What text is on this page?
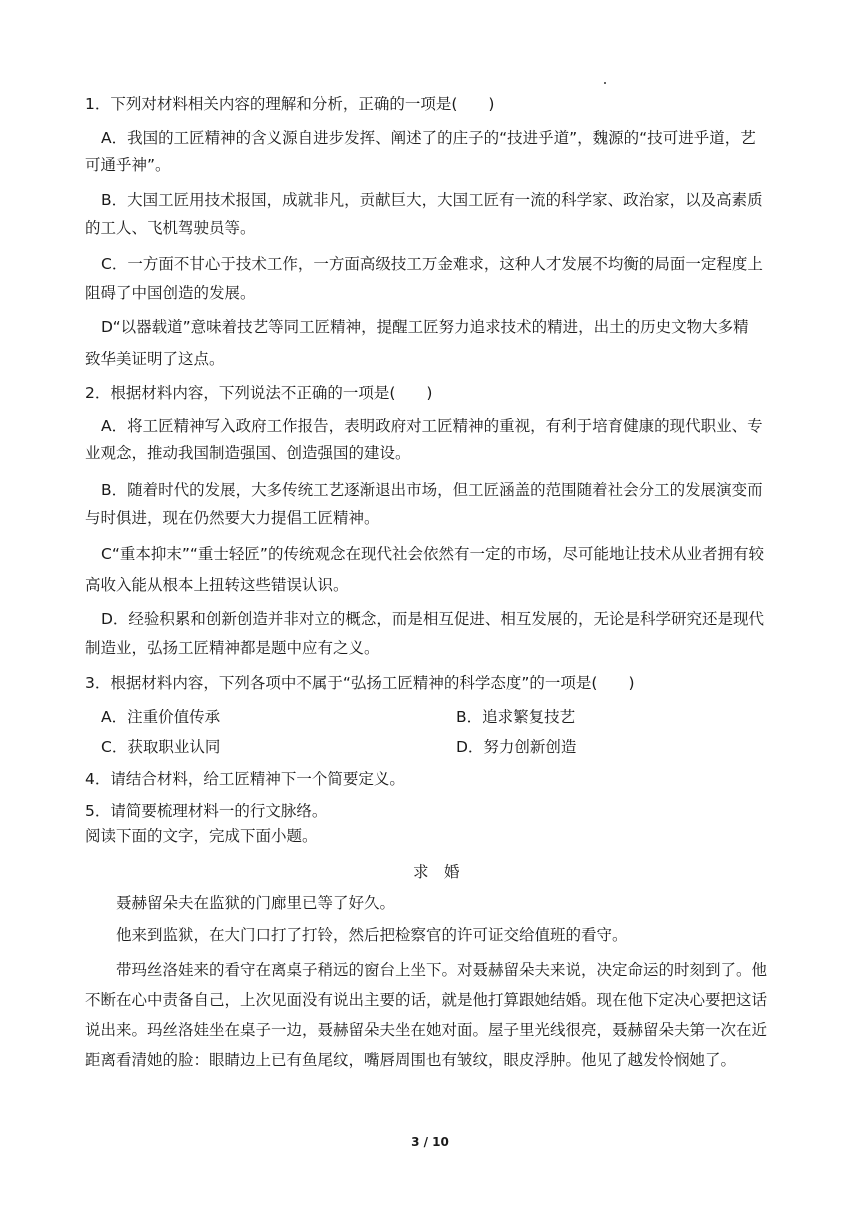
1．下列对材料相关内容的理解和分析，正确的一项是(　　)
A．我国的工匠精神的含义源自进步发挥、阐述了的庄子的“技进乎道”，魏源的“技可进乎道，艺
可通乎神”。
B．大国工匠用技术报国，成就非凡，贡献巨大，大国工匠有一流的科学家、政治家，以及高素质
的工人、飞机驾驶员等。
C．一方面不甘心于技术工作，一方面高级技工万金难求，这种人才发展不均衡的局面一定程度上
阻碍了中国创造的发展。
D“以器载道”意味着技艺等同工匠精神，提醒工匠努力追求技术的精进，出土的历史文物大多精
致华美证明了这点。
2．根据材料内容，下列说法不正确的一项是(　　)
A．将工匠精神写入政府工作报告，表明政府对工匠精神的重视，有利于培育健康的现代职业、专
业观念，推动我国制造强国、创造强国的建设。
B．随着时代的发展，大多传统工艺逐渐退出市场，但工匠涵盖的范围随着社会分工的发展演变而
与时俱进，现在仍然要大力提倡工匠精神。
C“重本抑末”“重士轻匠”的传统观念在现代社会依然有一定的市场，尽可能地让技术从业者拥有较
高收入能从根本上扭转这些错误认识。
D．经验积累和创新创造并非对立的概念，而是相互促进、相互发展的，无论是科学研究还是现代
制造业，弘扬工匠精神都是题中应有之义。
3．根据材料内容，下列各项中不属于“弘扬工匠精神的科学态度”的一项是(　　)
A．注重价值传承	B．追求繁复技艺
C．获取职业认同	D．努力创新创造
4．请结合材料，给工匠精神下一个简要定义。
5．请简要梳理材料一的行文脉络。
阅读下面的文字，完成下面小题。
求　婚
聂赫留朵夫在监狱的门廊里已等了好久。
他来到监狱，在大门口打了打铃，然后把检察官的许可证交给值班的看守。
带玛丝洛娃来的看守在离桌子稍远的窗台上坐下。对聂赫留朵夫来说，决定命运的时刻到了。他
不断在心中责备自己，上次见面没有说出主要的话，就是他打算跟她结婚。现在他下定决心要把这话
说出来。玛丝洛娃坐在桌子一边，聂赫留朵夫坐在她对面。屋子里光线很亮，聂赫留朵夫第一次在近
距离看清她的脸：眼睛边上已有鱼尾纹，嘴唇周围也有皱纹，眼皮浮肿。他见了越发怜悯她了。
3 / 10
